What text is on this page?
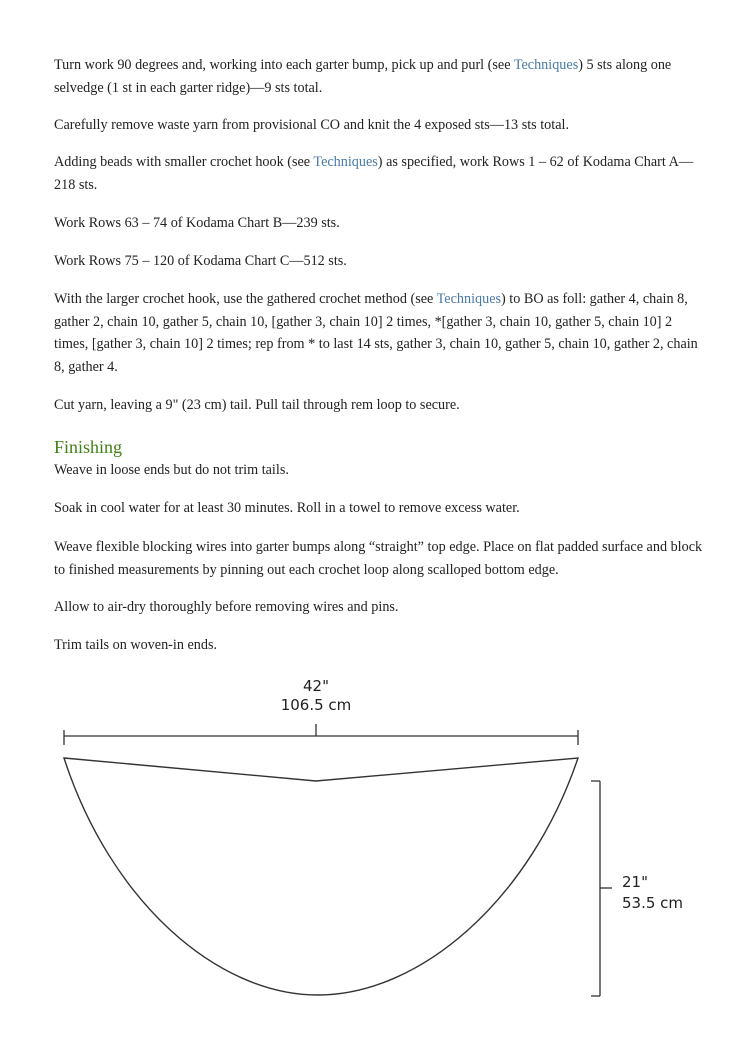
Turn work 90 degrees and, working into each garter bump, pick up and purl (see Techniques) 5 sts along one selvedge (1 st in each garter ridge)—9 sts total.

Carefully remove waste yarn from provisional CO and knit the 4 exposed sts—13 sts total.

Adding beads with smaller crochet hook (see Techniques) as specified, work Rows 1 – 62 of Kodama Chart A—218 sts.

Work Rows 63 – 74 of Kodama Chart B—239 sts.

Work Rows 75 – 120 of Kodama Chart C—512 sts.

With the larger crochet hook, use the gathered crochet method (see Techniques) to BO as foll: gather 4, chain 8, gather 2, chain 10, gather 5, chain 10, [gather 3, chain 10] 2 times, *[gather 3, chain 10, gather 5, chain 10] 2 times, [gather 3, chain 10] 2 times; rep from * to last 14 sts, gather 3, chain 10, gather 5, chain 10, gather 2, chain 8, gather 4.

Cut yarn, leaving a 9" (23 cm) tail. Pull tail through rem loop to secure.

Finishing

Weave in loose ends but do not trim tails.

Soak in cool water for at least 30 minutes. Roll in a towel to remove excess water.

Weave flexible blocking wires into garter bumps along “straight” top edge. Place on flat padded surface and block to finished measurements by pinning out each crochet loop along scalloped bottom edge.

Allow to air-dry thoroughly before removing wires and pins.

Trim tails on woven-in ends.

42"
106.5 cm
21"
53.5 cm
